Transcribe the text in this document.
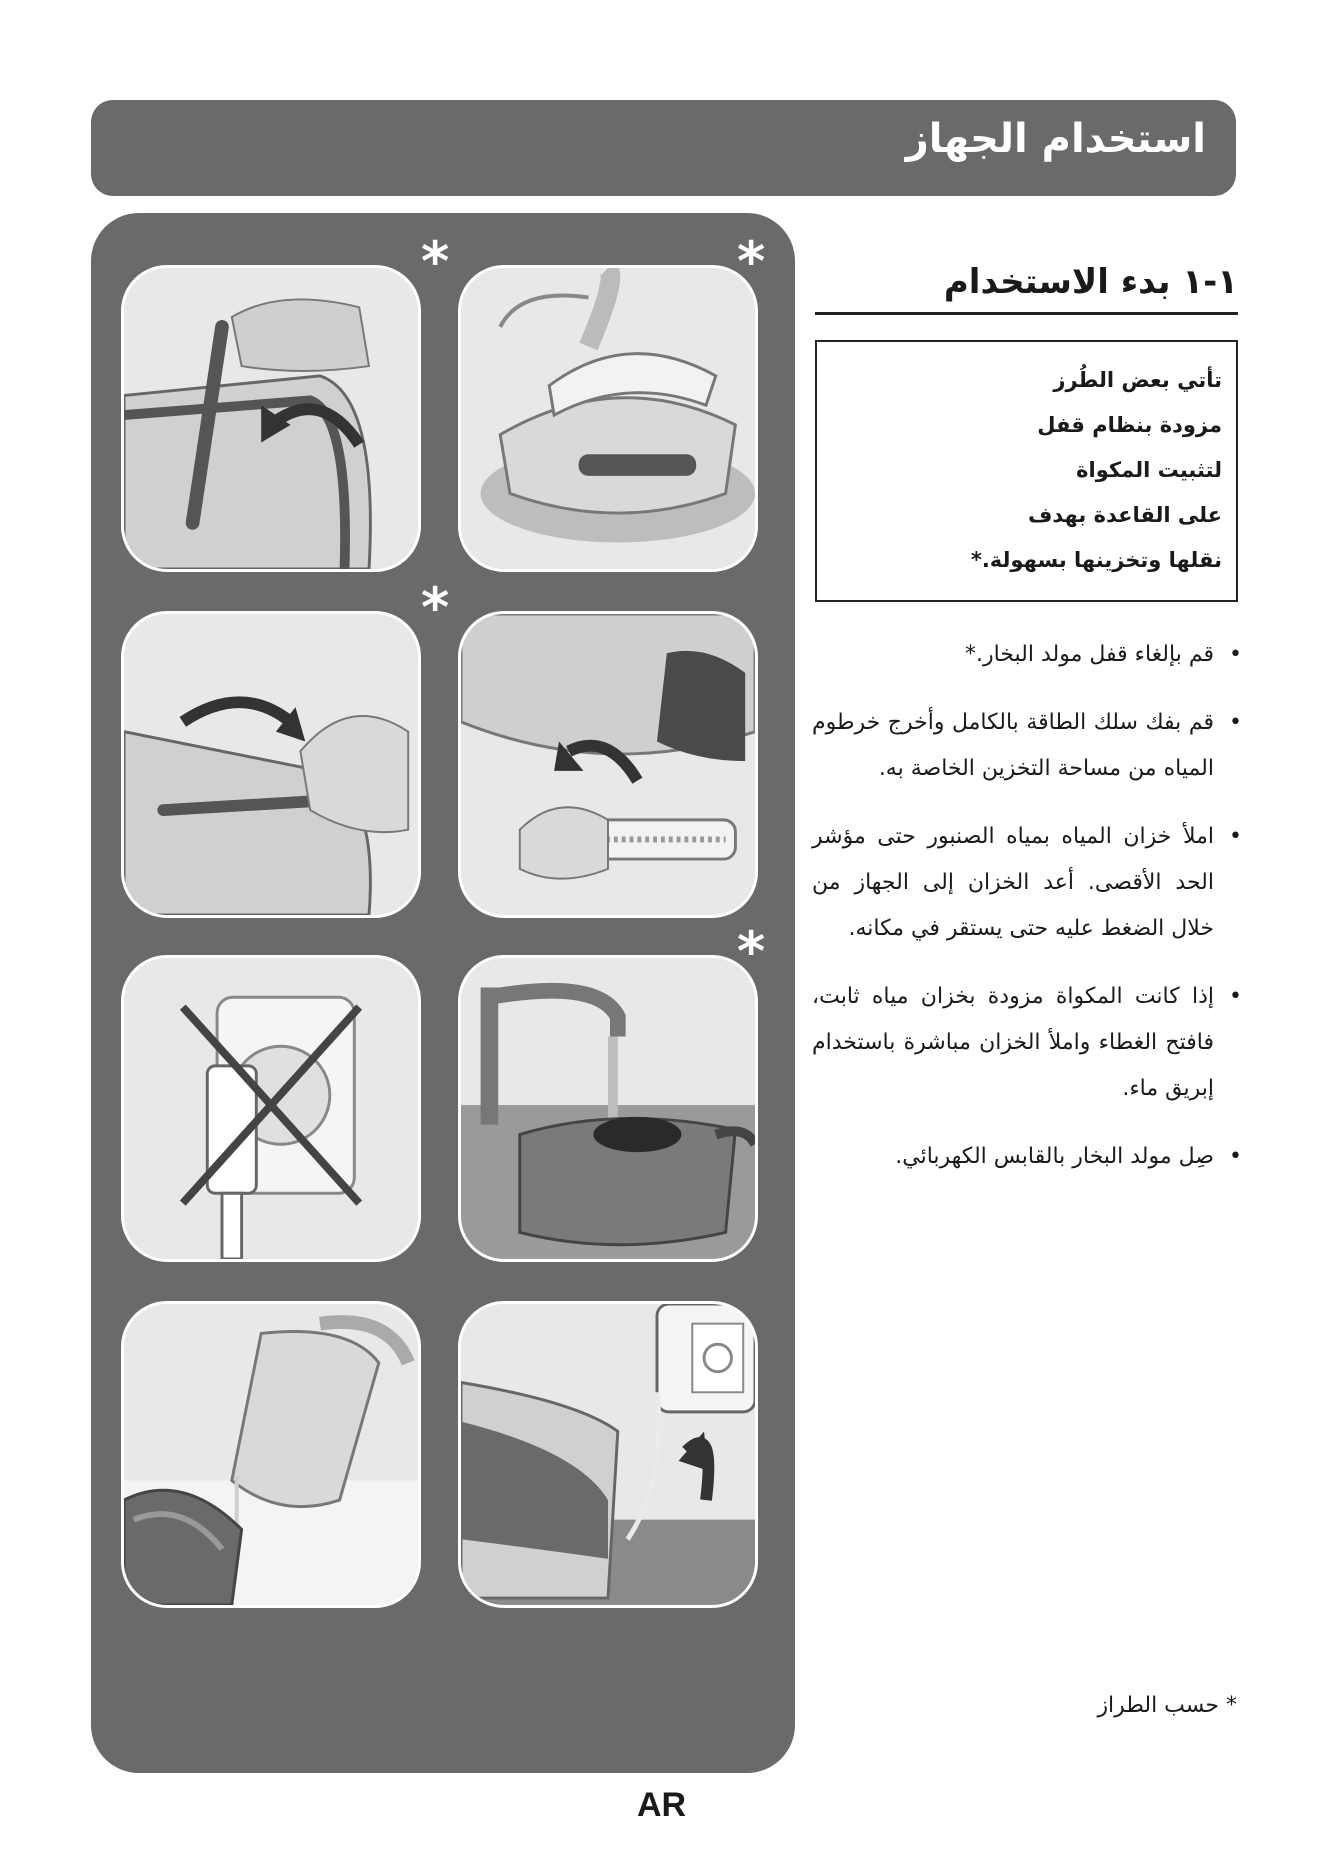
استخدام الجهاز
*
*
*
*
١-١ بدء الاستخدام
تأتي بعض الطُرز
مزودة بنظام قفل
لتثبيت المكواة
على القاعدة بهدف
نقلها وتخزينها بسهولة.*
• قم بإلغاء قفل مولد البخار.*
• قم بفك سلك الطاقة بالكامل وأخرج خرطوم المياه من مساحة التخزين الخاصة به.
• املأ خزان المياه بمياه الصنبور حتى مؤشر الحد الأقصى. أعد الخزان إلى الجهاز من خلال الضغط عليه حتى يستقر في مكانه.
• إذا كانت المكواة مزودة بخزان مياه ثابت، فافتح الغطاء واملأ الخزان مباشرة باستخدام إبريق ماء.
• صِل مولد البخار بالقابس الكهربائي.
* حسب الطراز
AR
